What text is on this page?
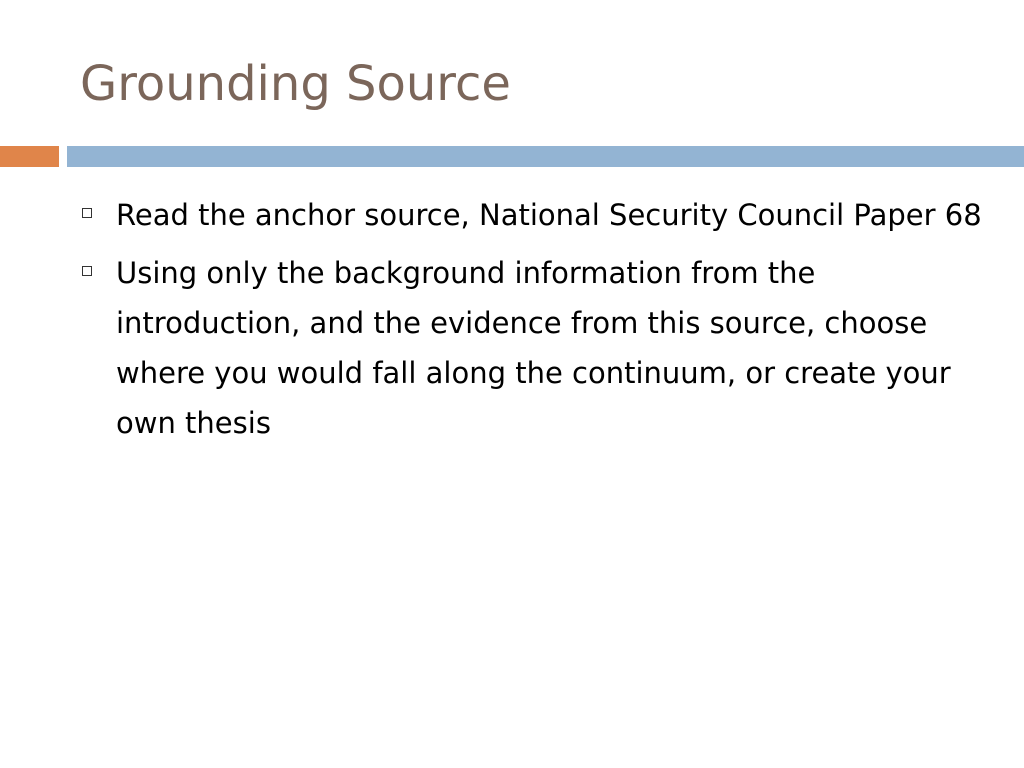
Grounding Source
Read the anchor source, National Security Council Paper 68
Using only the background information from the introduction, and the evidence from this source, choose where you would fall along the continuum, or create your own thesis
